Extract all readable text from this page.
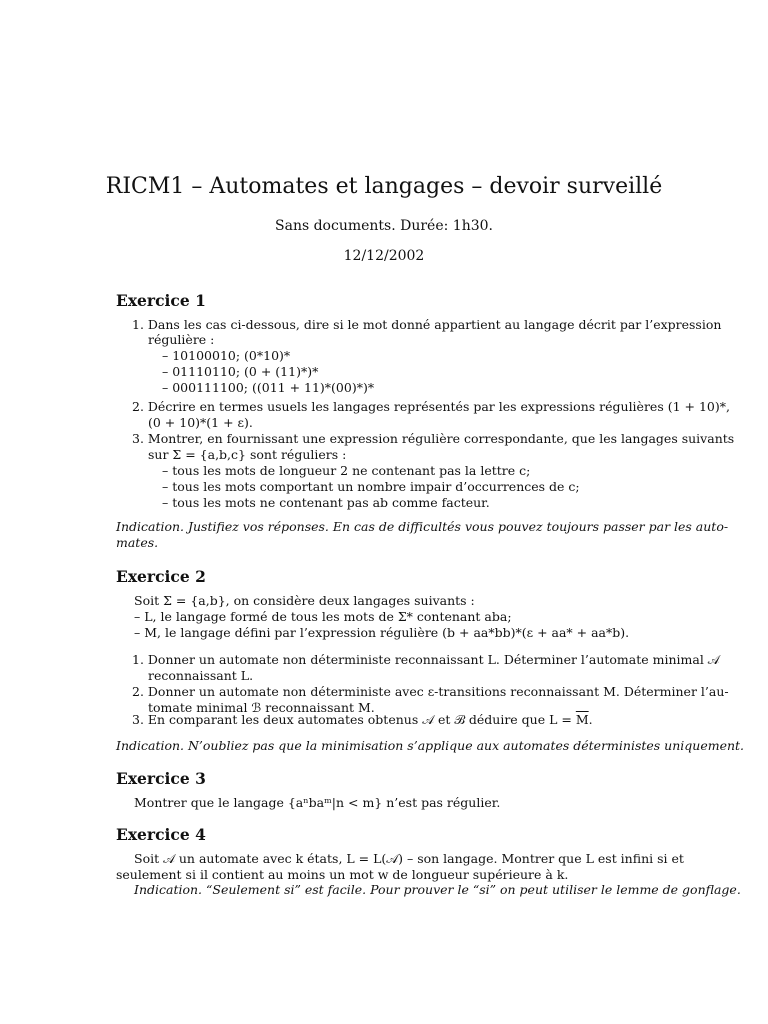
RICM1 – Automates et langages – devoir surveillé
Sans documents. Durée: 1h30.
12/12/2002
Exercice 1
1. Dans les cas ci-dessous, dire si le mot donné appartient au langage décrit par l’expression
régulière :
– 10100010; (0*10)*
– 01110110; (0 + (11)*)*
– 000111100; ((011 + 11)*(00)*)*
2. Décrire en termes usuels les langages représentés par les expressions régulières (1 + 10)*,
(0 + 10)*(1 + ε).
3. Montrer, en fournissant une expression régulière correspondante, que les langages suivants
sur Σ = {a,b,c} sont réguliers :
– tous les mots de longueur 2 ne contenant pas la lettre c;
– tous les mots comportant un nombre impair d’occurrences de c;
– tous les mots ne contenant pas ab comme facteur.
Indication. Justifiez vos réponses. En cas de difficultés vous pouvez toujours passer par les auto-
mates.
Exercice 2
Soit Σ = {a,b}, on considère deux langages suivants :
– L, le langage formé de tous les mots de Σ* contenant aba;
– M, le langage défini par l’expression régulière (b + aa*bb)*(ε + aa* + aa*b).
1. Donner un automate non déterministe reconnaissant L. Déterminer l’automate minimal 𝒜
reconnaissant L.
2. Donner un automate non déterministe avec ε-transitions reconnaissant M. Déterminer l’au-
tomate minimal ℬ reconnaissant M.
3. En comparant les deux automates obtenus 𝒜 et ℬ déduire que $L = \overline{M}$.
Indication. N’oubliez pas que la minimisation s’applique aux automates déterministes uniquement.
Exercice 3
Montrer que le langage {aⁿbaᵐ|n < m} n’est pas régulier.
Exercice 4
Soit 𝒜 un automate avec k états, L = L(𝒜) – son langage. Montrer que L est infini si et
seulement si il contient au moins un mot w de longueur supérieure à k.
Indication. “Seulement si” est facile. Pour prouver le “si” on peut utiliser le lemme de gonflage.
